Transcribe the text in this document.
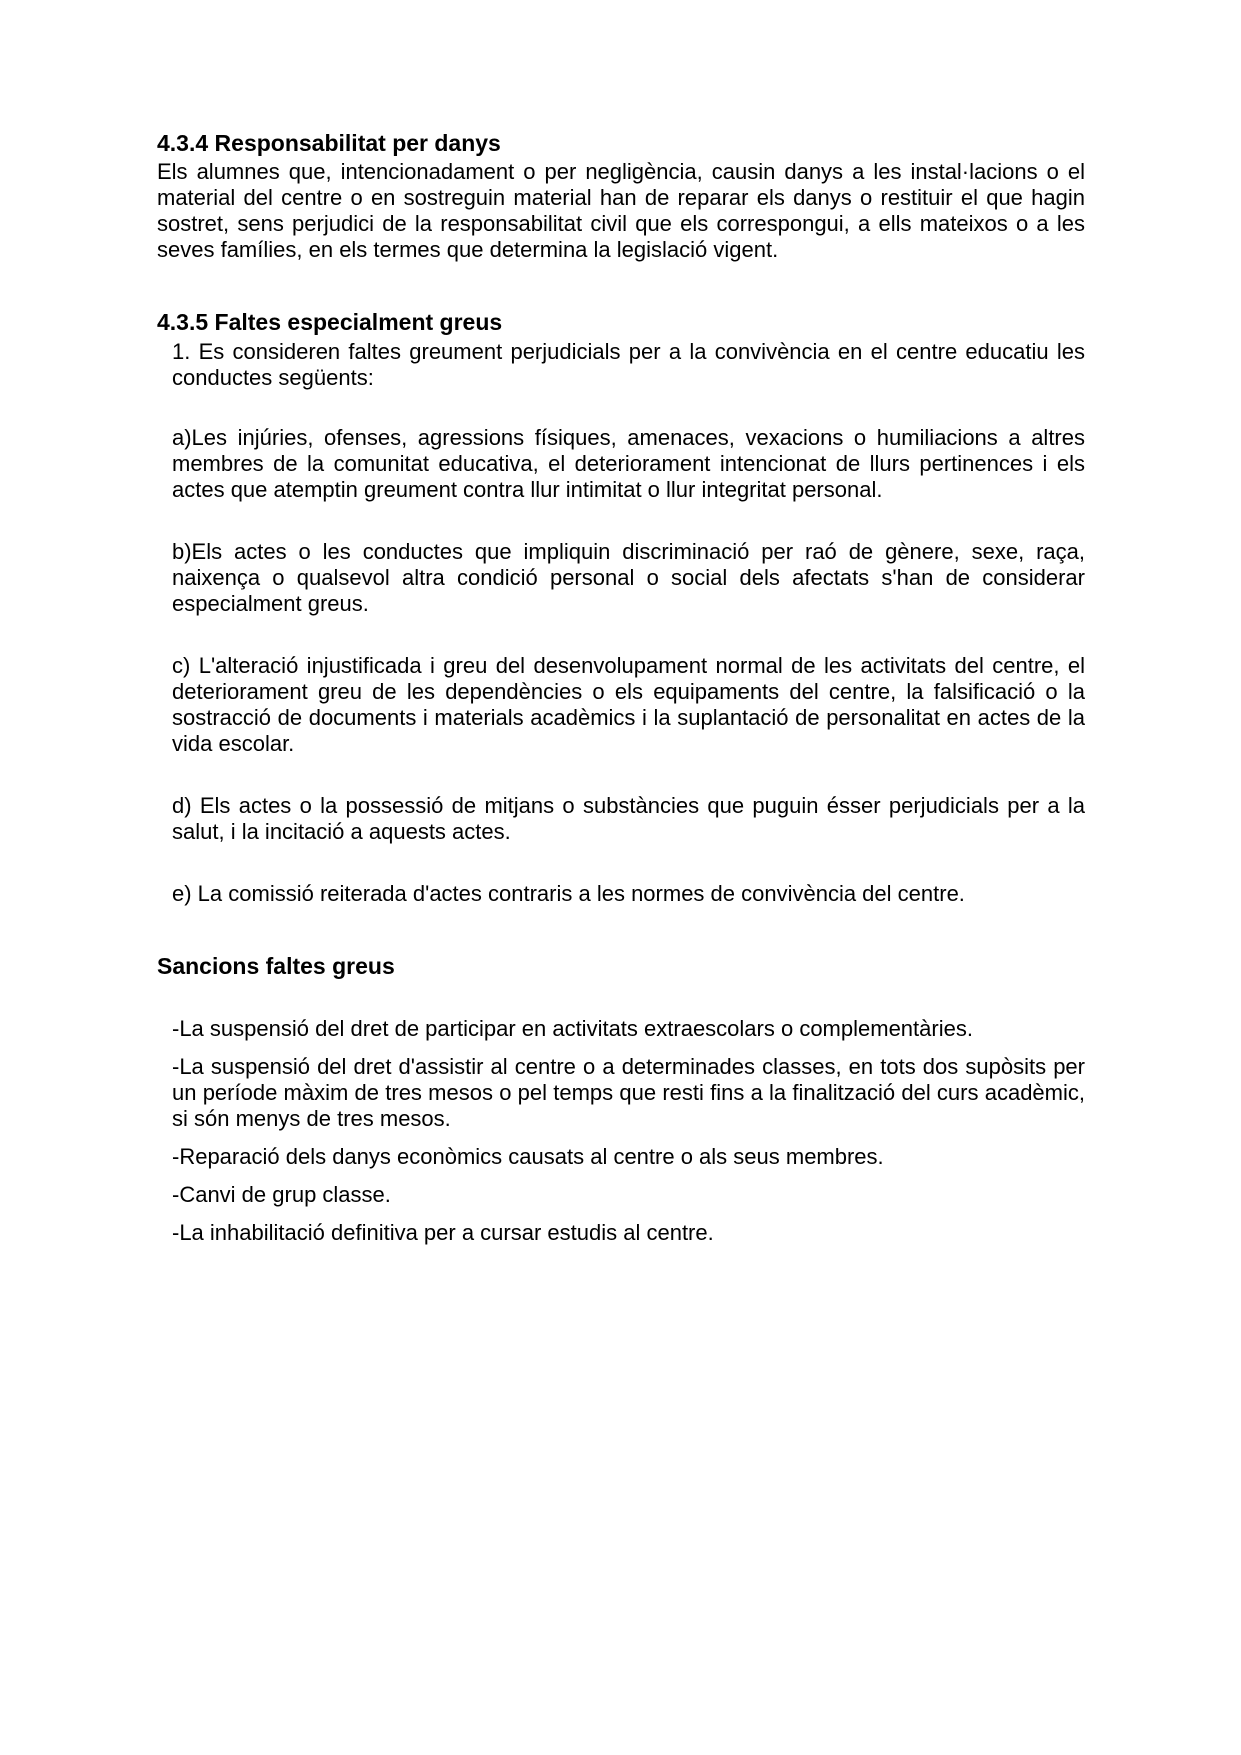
4.3.4 Responsabilitat per danys

Els alumnes que, intencionadament o per negligència, causin danys a les instal·lacions o el material del centre o en sostreguin material han de reparar els danys o restituir el que hagin sostret, sens perjudici de la responsabilitat civil que els correspongui, a ells mateixos o a les seves famílies, en els termes que determina la legislació vigent.

4.3.5 Faltes especialment greus

1. Es consideren faltes greument perjudicials per a la convivència en el centre educatiu les conductes següents:

a)Les injúries, ofenses, agressions físiques, amenaces, vexacions o humiliacions a altres membres de la comunitat educativa, el deteriorament intencionat de llurs pertinences i els actes que atemptin greument contra llur intimitat o llur integritat personal.

b)Els actes o les conductes que impliquin discriminació per raó de gènere, sexe, raça, naixença o qualsevol altra condició personal o social dels afectats s'han de considerar especialment greus.

c) L'alteració injustificada i greu del desenvolupament normal de les activitats del centre, el deteriorament greu de les dependències o els equipaments del centre, la falsificació o la sostracció de documents i materials acadèmics i la suplantació de personalitat en actes de la vida escolar.

d) Els actes o la possessió de mitjans o substàncies que puguin ésser perjudicials per a la salut, i la incitació a aquests actes.

e) La comissió reiterada d'actes contraris a les normes de convivència del centre.

Sancions faltes greus

-La suspensió del dret de participar en activitats extraescolars o complementàries.

-La suspensió del dret d'assistir al centre o a determinades classes, en tots dos supòsits per un període màxim de tres mesos o pel temps que resti fins a la finalització del curs acadèmic, si són menys de tres mesos.

-Reparació dels danys econòmics causats al centre o als seus membres.

-Canvi de grup classe.

-La inhabilitació definitiva per a cursar estudis al centre.
